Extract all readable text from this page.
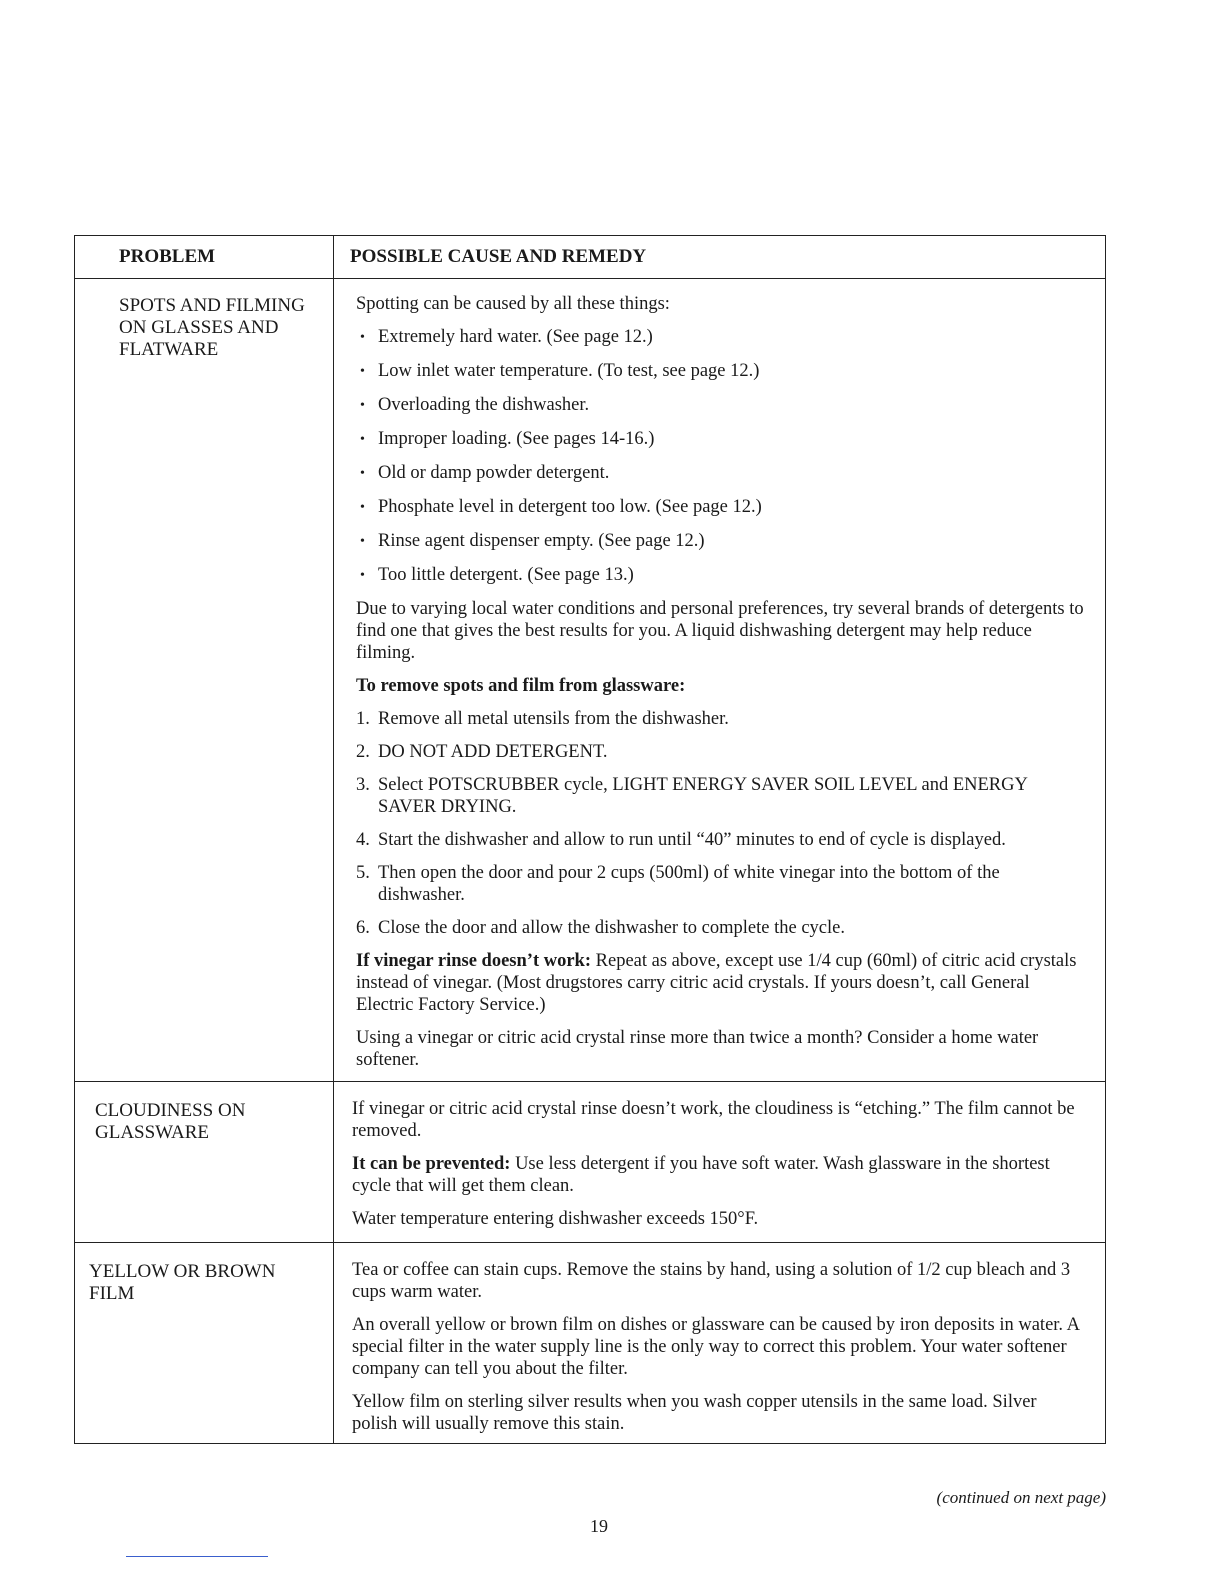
PROBLEM	POSSIBLE CAUSE AND REMEDY
SPOTS AND FILMING ON GLASSES AND FLATWARE

Spotting can be caused by all these things:

• Extremely hard water. (See page 12.)
• Low inlet water temperature. (To test, see page 12.)
• Overloading the dishwasher.
• Improper loading. (See pages 14-16.)
• Old or damp powder detergent.
• Phosphate level in detergent too low. (See page 12.)
• Rinse agent dispenser empty. (See page 12.)
• Too little detergent. (See page 13.)

Due to varying local water conditions and personal preferences, try several brands of detergents to find one that gives the best results for you. A liquid dishwashing detergent may help reduce filming.

To remove spots and film from glassware:

1. Remove all metal utensils from the dishwasher.
2. DO NOT ADD DETERGENT.
3. Select POTSCRUBBER cycle, LIGHT ENERGY SAVER SOIL LEVEL and ENERGY SAVER DRYING.
4. Start the dishwasher and allow to run until “40” minutes to end of cycle is displayed.
5. Then open the door and pour 2 cups (500ml) of white vinegar into the bottom of the dishwasher.
6. Close the door and allow the dishwasher to complete the cycle.

If vinegar rinse doesn’t work: Repeat as above, except use 1/4 cup (60ml) of citric acid crystals instead of vinegar. (Most drugstores carry citric acid crystals. If yours doesn’t, call General Electric Factory Service.)

Using a vinegar or citric acid crystal rinse more than twice a month? Consider a home water softener.

CLOUDINESS ON GLASSWARE

If vinegar or citric acid crystal rinse doesn’t work, the cloudiness is “etching.” The film cannot be removed.

It can be prevented: Use less detergent if you have soft water. Wash glassware in the shortest cycle that will get them clean.

Water temperature entering dishwasher exceeds 150°F.

YELLOW OR BROWN FILM

Tea or coffee can stain cups. Remove the stains by hand, using a solution of 1/2 cup bleach and 3 cups warm water.

An overall yellow or brown film on dishes or glassware can be caused by iron deposits in water. A special filter in the water supply line is the only way to correct this problem. Your water softener company can tell you about the filter.

Yellow film on sterling silver results when you wash copper utensils in the same load. Silver polish will usually remove this stain.

(continued on next page)
19
